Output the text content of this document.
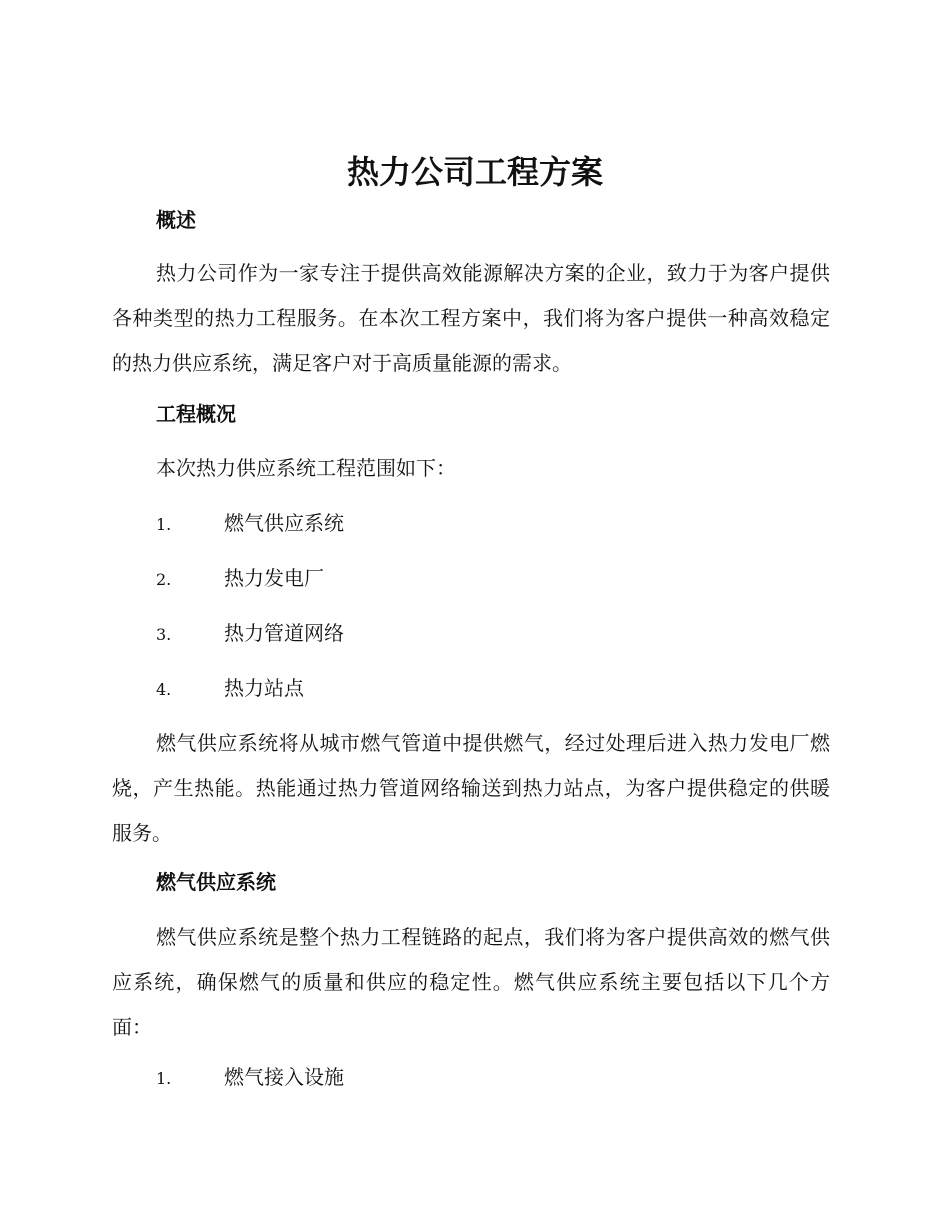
热力公司工程方案
概述

热力公司作为一家专注于提供高效能源解决方案的企业，致力于为客户提供各种类型的热力工程服务。在本次工程方案中，我们将为客户提供一种高效稳定的热力供应系统，满足客户对于高质量能源的需求。

工程概况

本次热力供应系统工程范围如下：

1.	燃气供应系统
2.	热力发电厂
3.	热力管道网络
4.	热力站点

燃气供应系统将从城市燃气管道中提供燃气，经过处理后进入热力发电厂燃烧，产生热能。热能通过热力管道网络输送到热力站点，为客户提供稳定的供暖服务。

燃气供应系统

燃气供应系统是整个热力工程链路的起点，我们将为客户提供高效的燃气供应系统，确保燃气的质量和供应的稳定性。燃气供应系统主要包括以下几个方面：

1.	燃气接入设施
